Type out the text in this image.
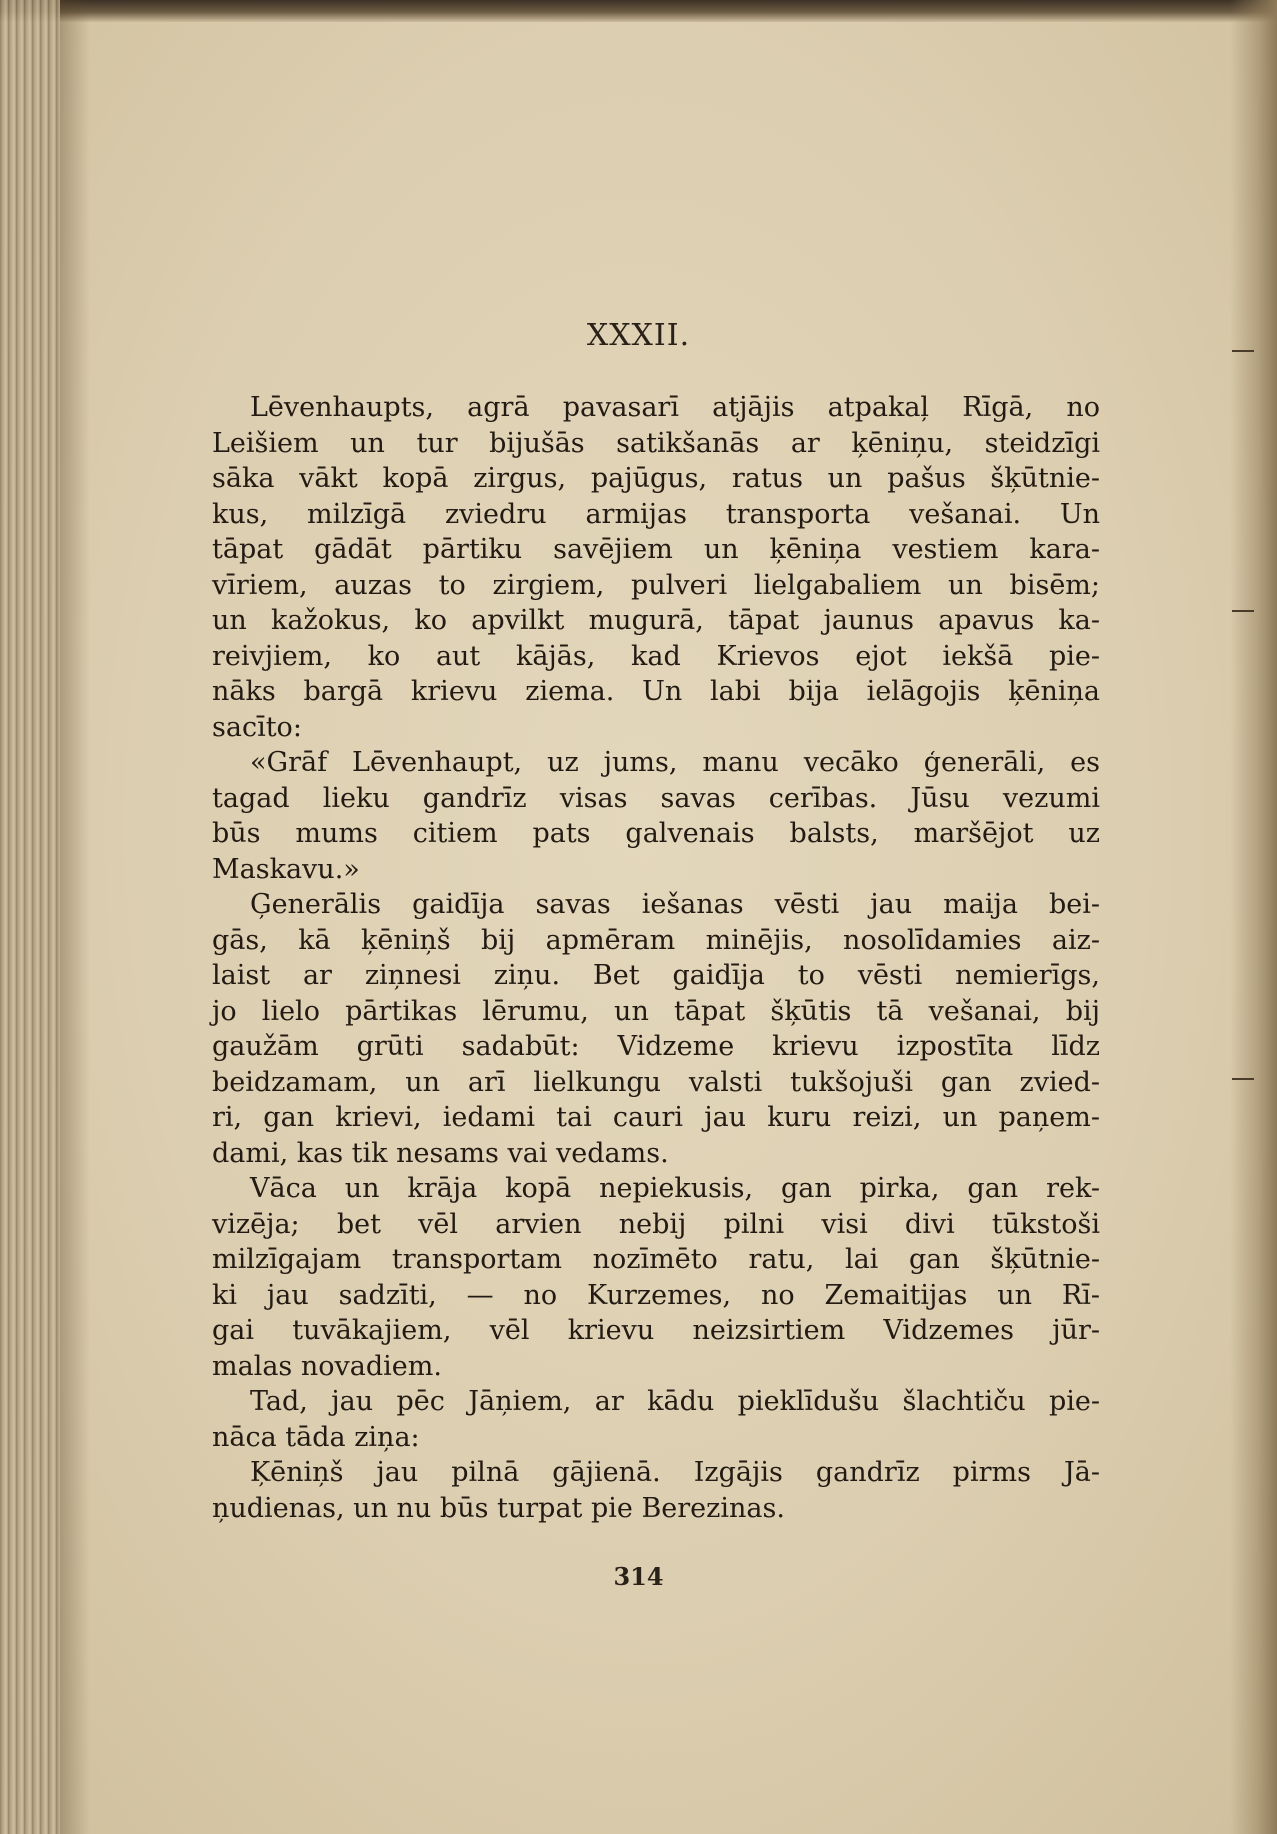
XXXII.

Lēvenhaupts, agrā pavasarī atjājis atpakaļ Rīgā, no
Leišiem un tur bijušās satikšanās ar ķēniņu, steidzīgi
sāka vākt kopā zirgus, pajūgus, ratus un pašus šķūtnie-
kus, milzīgā zviedru armijas transporta vešanai. Un
tāpat gādāt pārtiku savējiem un ķēniņa vestiem kara-
vīriem, auzas to zirgiem, pulveri lielgabaliem un bisēm;
un kažokus, ko apvilkt mugurā, tāpat jaunus apavus ka-
reivjiem, ko aut kājās, kad Krievos ejot iekšā pie-
nāks bargā krievu ziema. Un labi bija ielāgojis ķēniņa
sacīto:

«Grāf Lēvenhaupt, uz jums, manu vecāko ģenerāli, es
tagad lieku gandrīz visas savas cerības. Jūsu vezumi
būs mums citiem pats galvenais balsts, maršējot uz
Maskavu.»

Ģenerālis gaidīja savas iešanas vēsti jau maija bei-
gās, kā ķēniņš bij apmēram minējis, nosolīdamies aiz-
laist ar ziņnesi ziņu. Bet gaidīja to vēsti nemierīgs,
jo lielo pārtikas lērumu, un tāpat šķūtis tā vešanai, bij
gaužām grūti sadabūt: Vidzeme krievu izpostīta līdz
beidzamam, un arī lielkungu valsti tukšojuši gan zvied-
ri, gan krievi, iedami tai cauri jau kuru reizi, un paņem-
dami, kas tik nesams vai vedams.

Vāca un krāja kopā nepiekusis, gan pirka, gan rek-
vizēja; bet vēl arvien nebij pilni visi divi tūkstoši
milzīgajam transportam nozīmēto ratu, lai gan šķūtnie-
ki jau sadzīti, — no Kurzemes, no Zemaitijas un Rī-
gai tuvākajiem, vēl krievu neizsirtiem Vidzemes jūr-
malas novadiem.

Tad, jau pēc Jāņiem, ar kādu pieklīdušu šlachtiču pie-
nāca tāda ziņa:

Ķēniņš jau pilnā gājienā. Izgājis gandrīz pirms Jā-
ņudienas, un nu būs turpat pie Berezinas.

314
